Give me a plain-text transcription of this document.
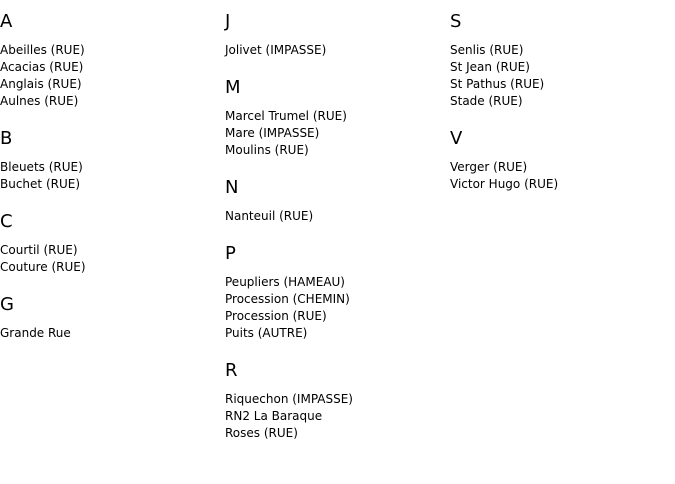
A
Abeilles (RUE)
Acacias (RUE)
Anglais (RUE)
Aulnes (RUE)
B
Bleuets (RUE)
Buchet (RUE)
C
Courtil (RUE)
Couture (RUE)
G
Grande Rue
J
Jolivet (IMPASSE)
M
Marcel Trumel (RUE)
Mare (IMPASSE)
Moulins (RUE)
N
Nanteuil (RUE)
P
Peupliers (HAMEAU)
Procession (CHEMIN)
Procession (RUE)
Puits (AUTRE)
R
Riquechon (IMPASSE)
RN2 La Baraque
Roses (RUE)
S
Senlis (RUE)
St Jean (RUE)
St Pathus (RUE)
Stade (RUE)
V
Verger (RUE)
Victor Hugo (RUE)
